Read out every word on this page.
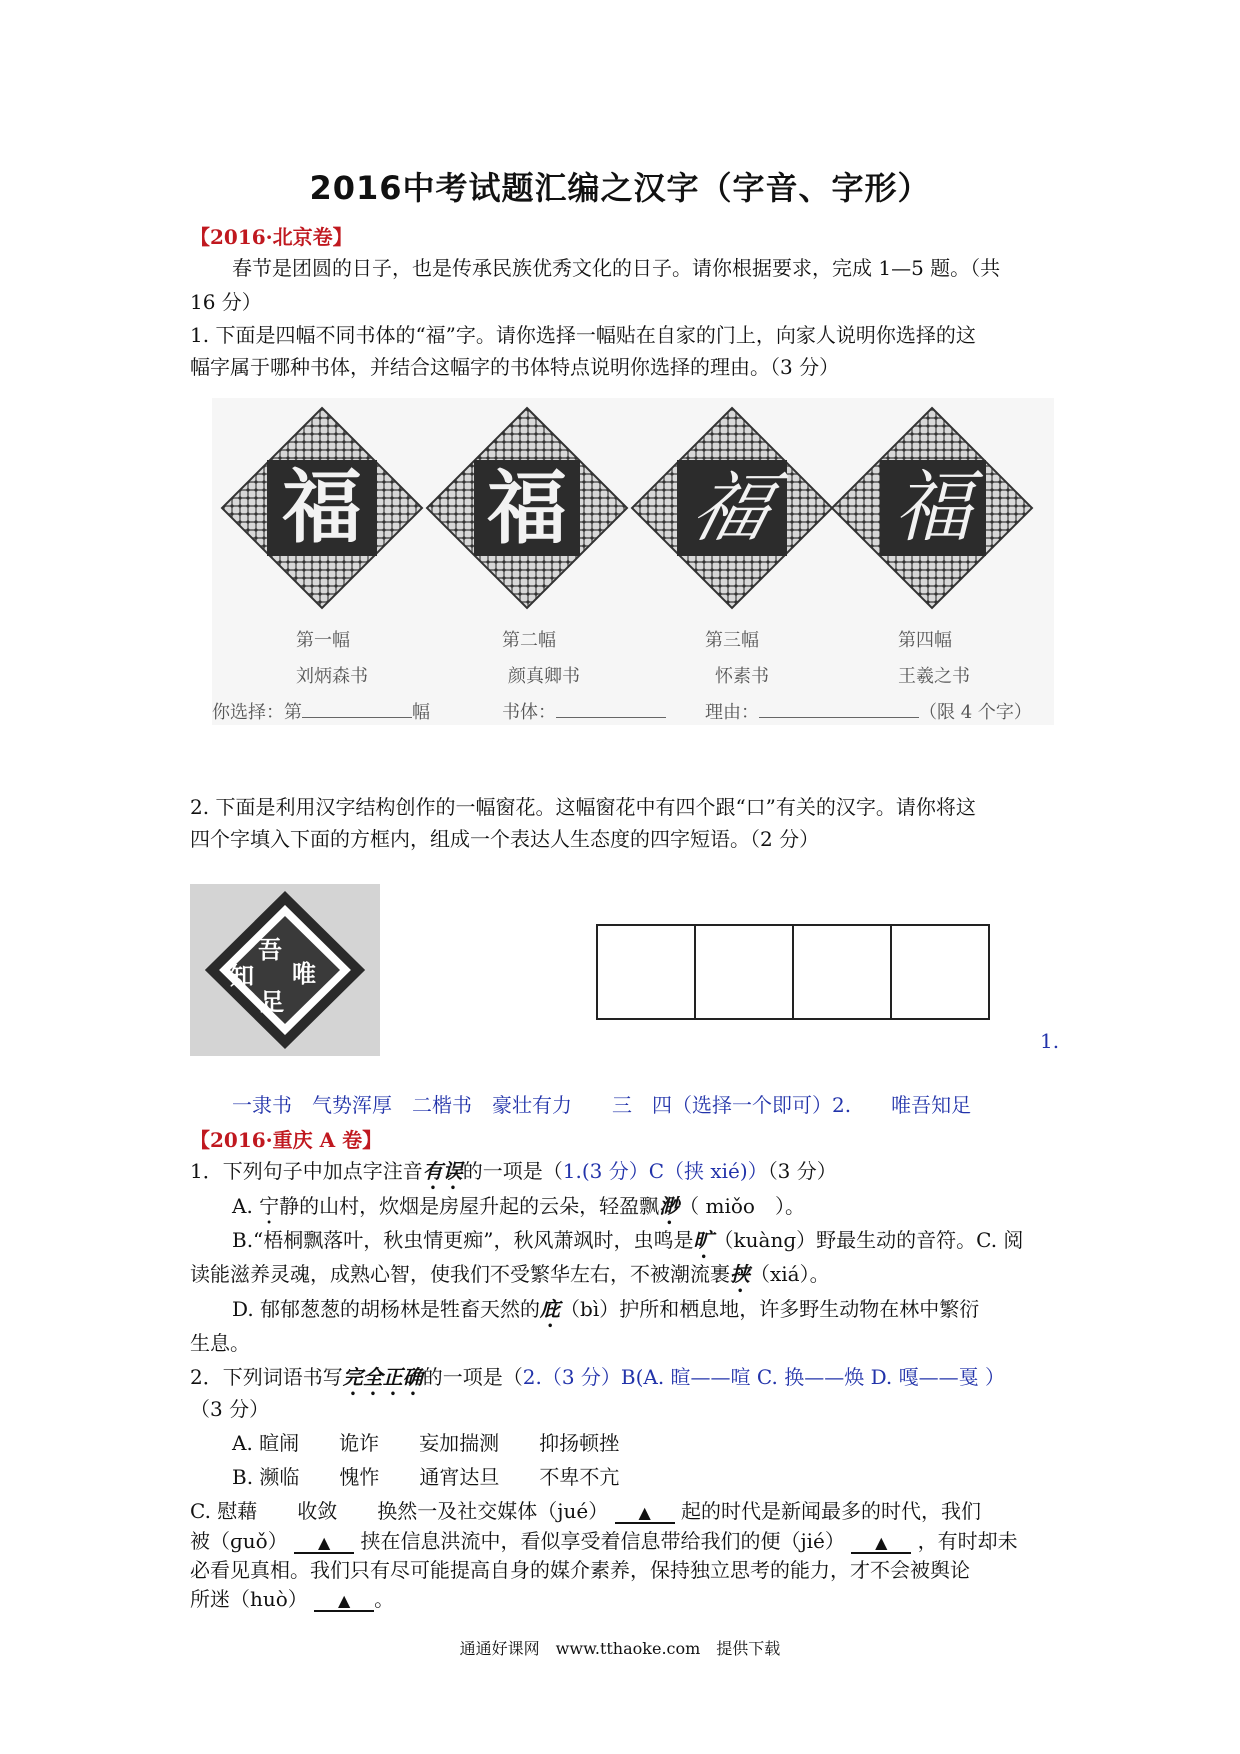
2016中考试题汇编之汉字（字音、字形）
【2016·北京卷】
春节是团圆的日子，也是传承民族优秀文化的日子。请你根据要求，完成 1—5 题。（共
16 分）
1. 下面是四幅不同书体的“福”字。请你选择一幅贴在自家的门上，向家人说明你选择的这
幅字属于哪种书体，并结合这幅字的书体特点说明你选择的理由。（3 分）
福 福 福 福
第一幅	第二幅	第三幅	第四幅
刘炳森书	颜真卿书	怀素书	王羲之书
你选择：第	幅	书体：	理由：	（限 4 个字）
2. 下面是利用汉字结构创作的一幅窗花。这幅窗花中有四个跟“口”有关的汉字。请你将这
四个字填入下面的方框内，组成一个表达人生态度的四字短语。（2 分）
吾
唯
足
知
1.
一隶书　气势浑厚　二楷书　豪壮有力　　三　四（选择一个即可）2.　　唯吾知足
【2016·重庆 A 卷】
1．下列句子中加点字注音有误的一项是（1.(3 分）C（挟 xié)）（3 分）
A. 宁静的山村，炊烟是房屋升起的云朵，轻盈飘渺（ miǒo　）。
B.“梧桐飘落叶，秋虫情更痴”，秋风萧飒时，虫鸣是旷（kuànɡ）野最生动的音符。C. 阅
读能滋养灵魂，成熟心智，使我们不受繁华左右，不被潮流裹挟（xiá）。
D. 郁郁葱葱的胡杨林是牲畜天然的庇（bì）护所和栖息地，许多野生动物在林中繁衍
生息。
2．下列词语书写完全正确的一项是（2.（3 分）B(A. 暄——喧 C. 换——焕 D. 嘎——戛 ）
（3 分）
A. 暄闹　　诡诈　　妄加揣测　　抑扬顿挫
B. 濒临　　愧怍　　通宵达旦　　不卑不亢
C. 慰藉　　收敛　　换然一及社交媒体（jué） ▲ 起的时代是新闻最多的时代，我们
被（ɡuǒ） ▲ 挟在信息洪流中，看似享受着信息带给我们的便（jié） ▲ ，有时却未
必看见真相。我们只有尽可能提高自身的媒介素养，保持独立思考的能力，才不会被舆论
所迷（huò） ▲ 。
通通好课网　www.tthaoke.com　提供下载
